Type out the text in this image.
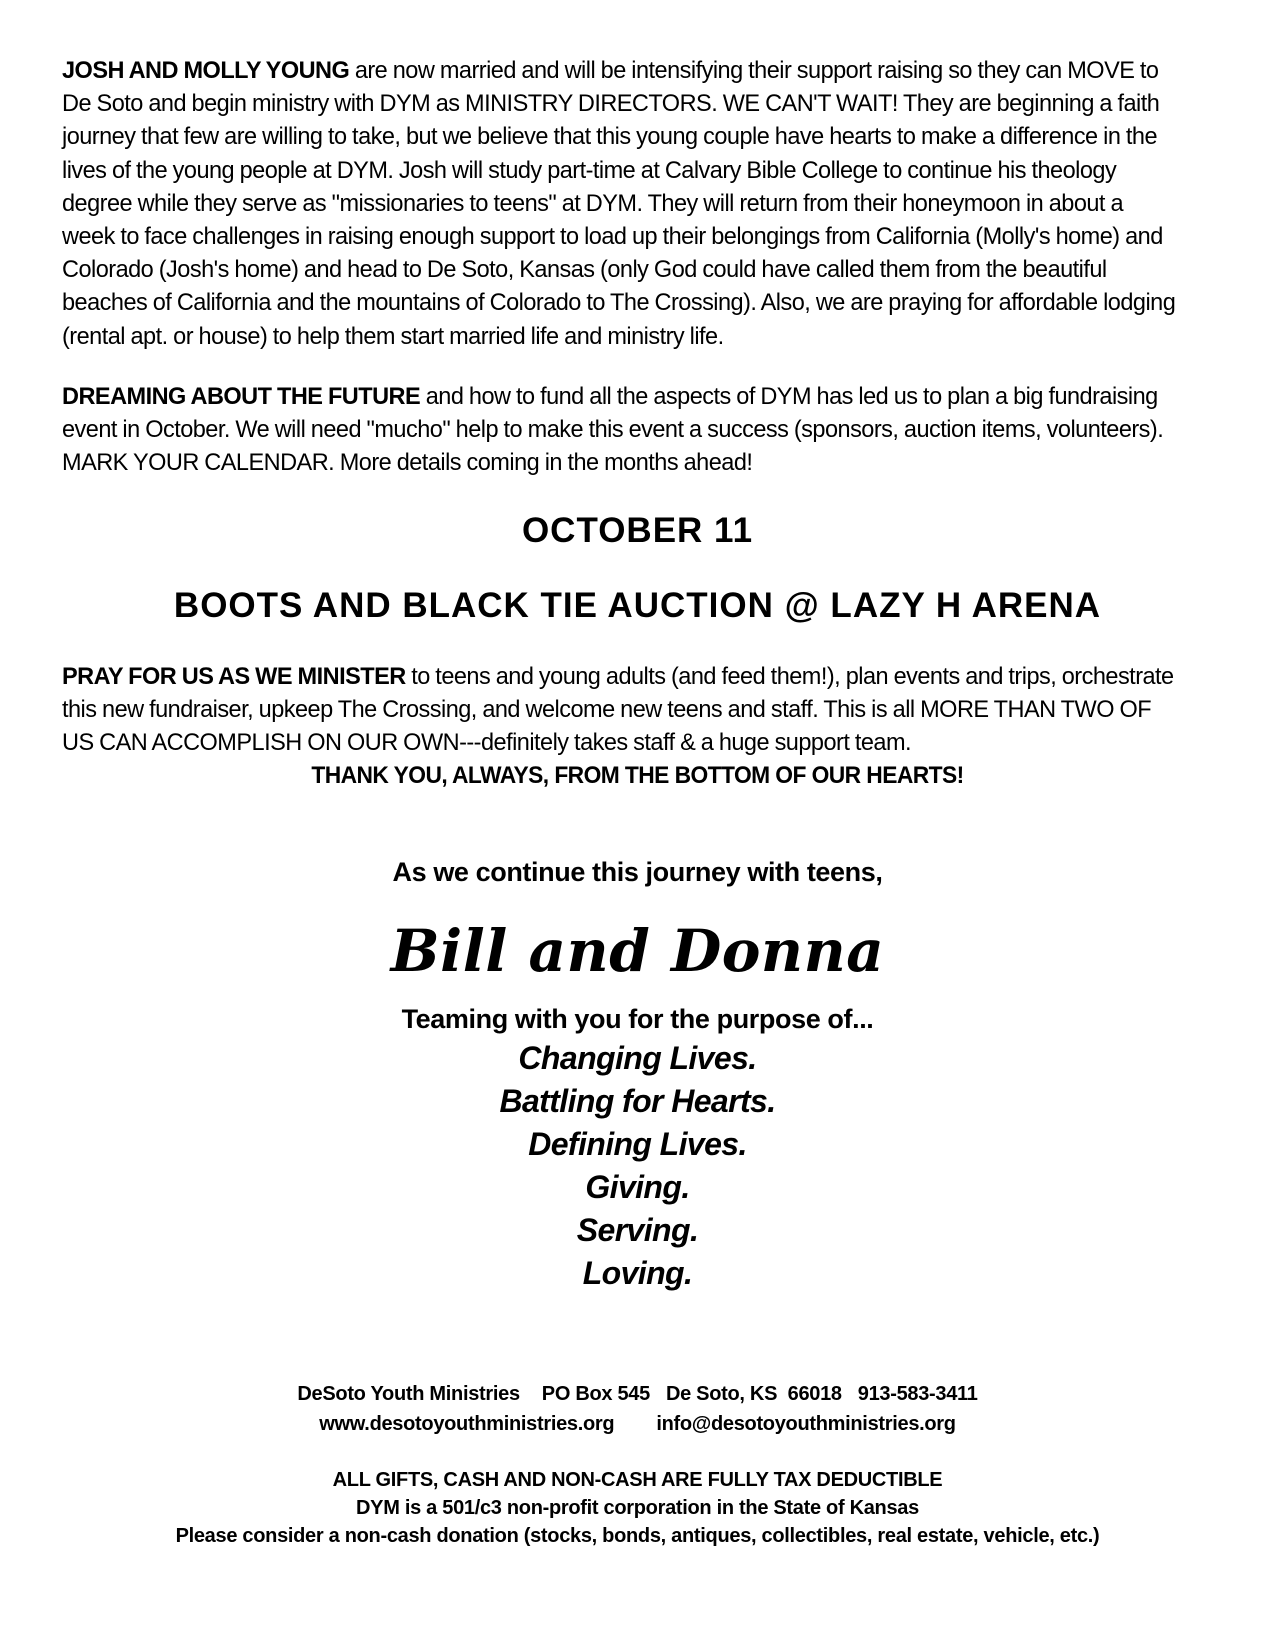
JOSH AND MOLLY YOUNG are now married and will be intensifying their support raising so they can MOVE to De Soto and begin ministry with DYM as MINISTRY DIRECTORS. WE CAN'T WAIT! They are beginning a faith journey that few are willing to take, but we believe that this young couple have hearts to make a difference in the lives of the young people at DYM. Josh will study part-time at Calvary Bible College to continue his theology degree while they serve as "missionaries to teens" at DYM. They will return from their honeymoon in about a week to face challenges in raising enough support to load up their belongings from California (Molly's home) and Colorado (Josh's home) and head to De Soto, Kansas (only God could have called them from the beautiful beaches of California and the mountains of Colorado to The Crossing). Also, we are praying for affordable lodging (rental apt. or house) to help them start married life and ministry life.

DREAMING ABOUT THE FUTURE and how to fund all the aspects of DYM has led us to plan a big fundraising event in October. We will need "mucho" help to make this event a success (sponsors, auction items, volunteers). MARK YOUR CALENDAR. More details coming in the months ahead!

OCTOBER 11
BOOTS AND BLACK TIE AUCTION @ LAZY H ARENA

PRAY FOR US AS WE MINISTER to teens and young adults (and feed them!), plan events and trips, orchestrate this new fundraiser, upkeep The Crossing, and welcome new teens and staff. This is all MORE THAN TWO OF US CAN ACCOMPLISH ON OUR OWN---definitely takes staff & a huge support team.

THANK YOU, ALWAYS, FROM THE BOTTOM OF OUR HEARTS!

As we continue this journey with teens,

Bill and Donna

Teaming with you for the purpose of...

Changing Lives.

Battling for Hearts.

Defining Lives.

Giving.

Serving.

Loving.

DeSoto Youth Ministries PO Box 545 De Soto, KS  66018 913-583-3411

www.desotoyouthministries.org info@desotoyouthministries.org

ALL GIFTS, CASH AND NON-CASH ARE FULLY TAX DEDUCTIBLE

DYM is a 501/c3 non-profit corporation in the State of Kansas

Please consider a non-cash donation (stocks, bonds, antiques, collectibles, real estate, vehicle, etc.)
